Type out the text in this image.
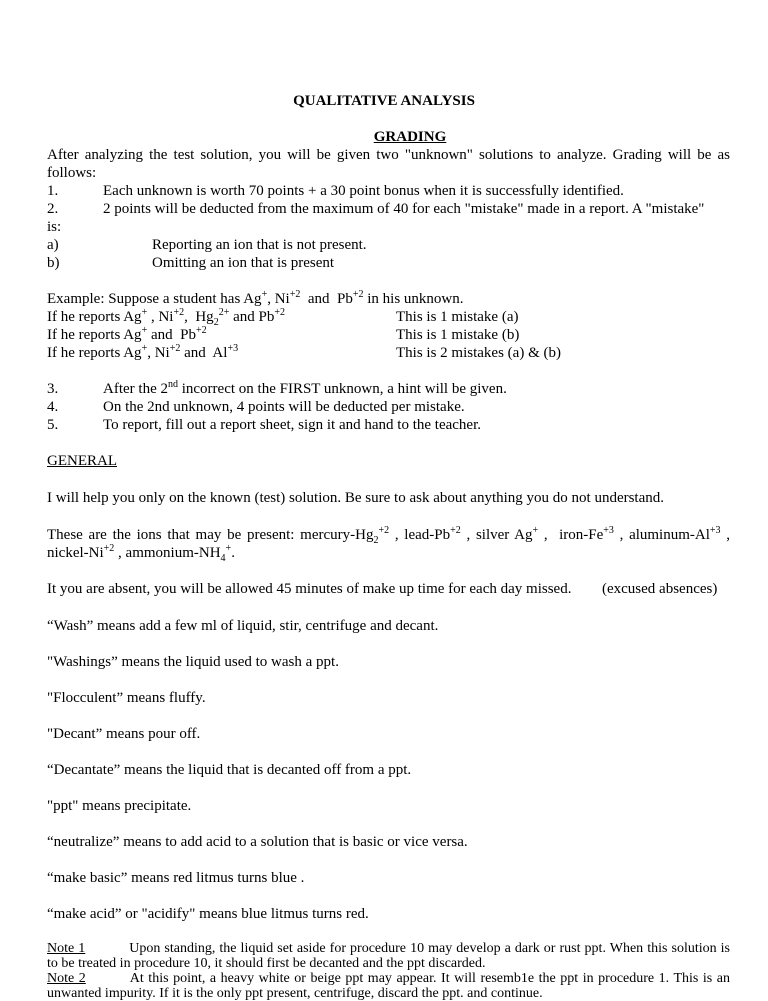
QUALITATIVE ANALYSIS
GRADING
After analyzing the test solution, you will be given two "unknown" solutions to analyze. Grading will be as follows:
1.	Each unknown is worth 70 points + a 30 point bonus when it is successfully identified.
2.	2 points will be deducted from the maximum of 40 for each "mistake" made in a report. A "mistake"
is:
a)	Reporting an ion that is not present.
b)	Omitting an ion that is present
Example: Suppose a student has Ag+, $Ni^{+2}$  and  $Pb^{+2}$ in his unknown.
If he reports Ag+ , $Ni^{+2}$,  $Hg_2^{2+}$ and $Pb^{+2}$	This is 1 mistake (a)
If he reports Ag+ and  $Pb^{+2}$	This is 1 mistake (b)
If he reports Ag+, $Ni^{+2}$ and  $Al^{+3}$	This is 2 mistakes (a) & (b)
3.	After the 2nd incorrect on the FIRST unknown, a hint will be given.
4.	On the 2nd unknown, 4 points will be deducted per mistake.
5.	To report, fill out a report sheet, sign it and hand to the teacher.
GENERAL
I will help you only on the known (test) solution. Be sure to ask about anything you do not understand.
These are the ions that may be present: mercury-$Hg_2^{+2}$ , lead-$Pb^{+2}$ , silver Ag+ ,  iron-$Fe^{+3}$ , aluminum-$Al^{+3}$ , nickel-$Ni^{+2}$ , ammonium-$NH_4^+$.
It you are absent, you will be allowed 45 minutes of make up time for each day missed. (excused absences)
“Wash” means add a few ml of liquid, stir, centrifuge and decant.
"Washings” means the liquid used to wash a ppt.
"Flocculent” means fluffy.
"Decant” means pour off.
“Decantate” means the liquid that is decanted off from a ppt.
"ppt" means precipitate.
“neutralize” means to add acid to a solution that is basic or vice versa.
“make basic” means red litmus turns blue .
“make acid” or "acidify" means blue litmus turns red.
Note 1	Upon standing, the liquid set aside for procedure 10 may develop a dark or rust ppt. When this solution is to be treated in procedure 10, it should first be decanted and the ppt discarded.
Note 2	At this point, a heavy white or beige ppt may appear. It will resemb1e the ppt in procedure 1. This is an unwanted impurity. If it is the only ppt present, centrifuge, discard the ppt. and continue.
